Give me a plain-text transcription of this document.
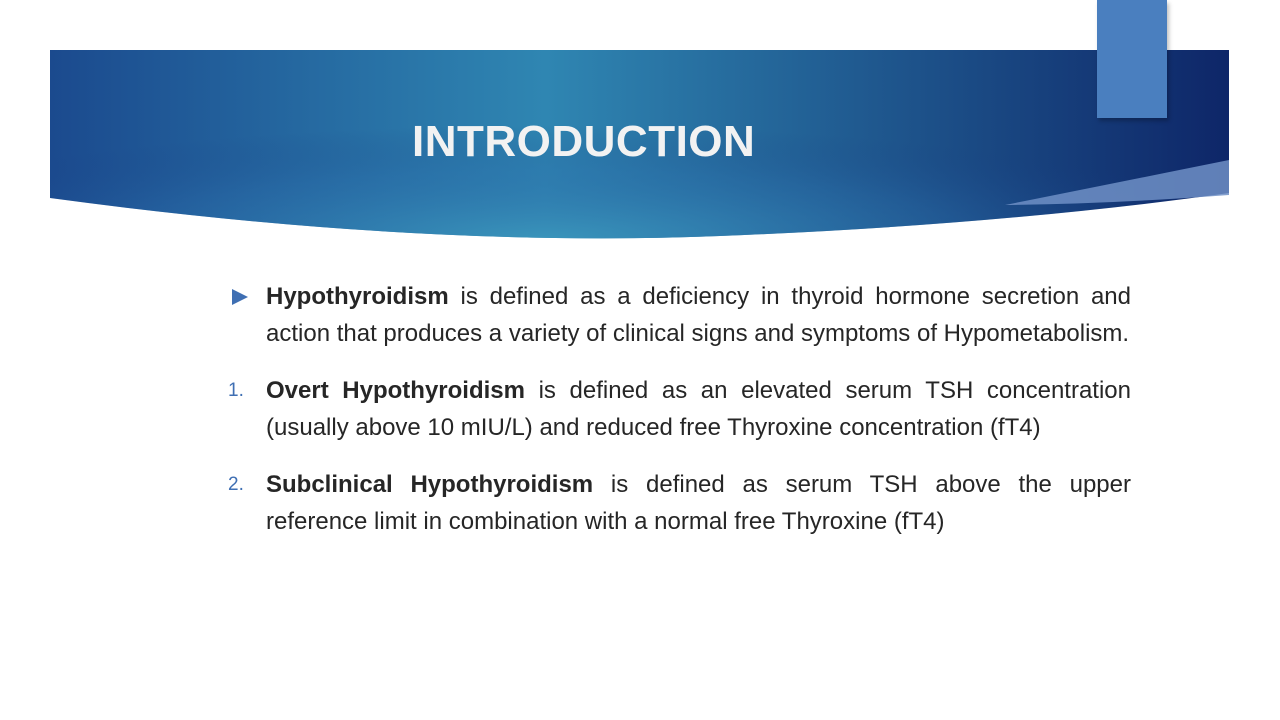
INTRODUCTION
Hypothyroidism is defined as a deficiency in thyroid hormone secretion and action that produces a variety of clinical signs and symptoms of Hypometabolism.
1. Overt Hypothyroidism is defined as an elevated serum TSH concentration (usually above 10 mIU/L) and reduced free Thyroxine concentration (fT4)
2. Subclinical Hypothyroidism is defined as serum TSH above the upper reference limit in combination with a normal free Thyroxine (fT4)
